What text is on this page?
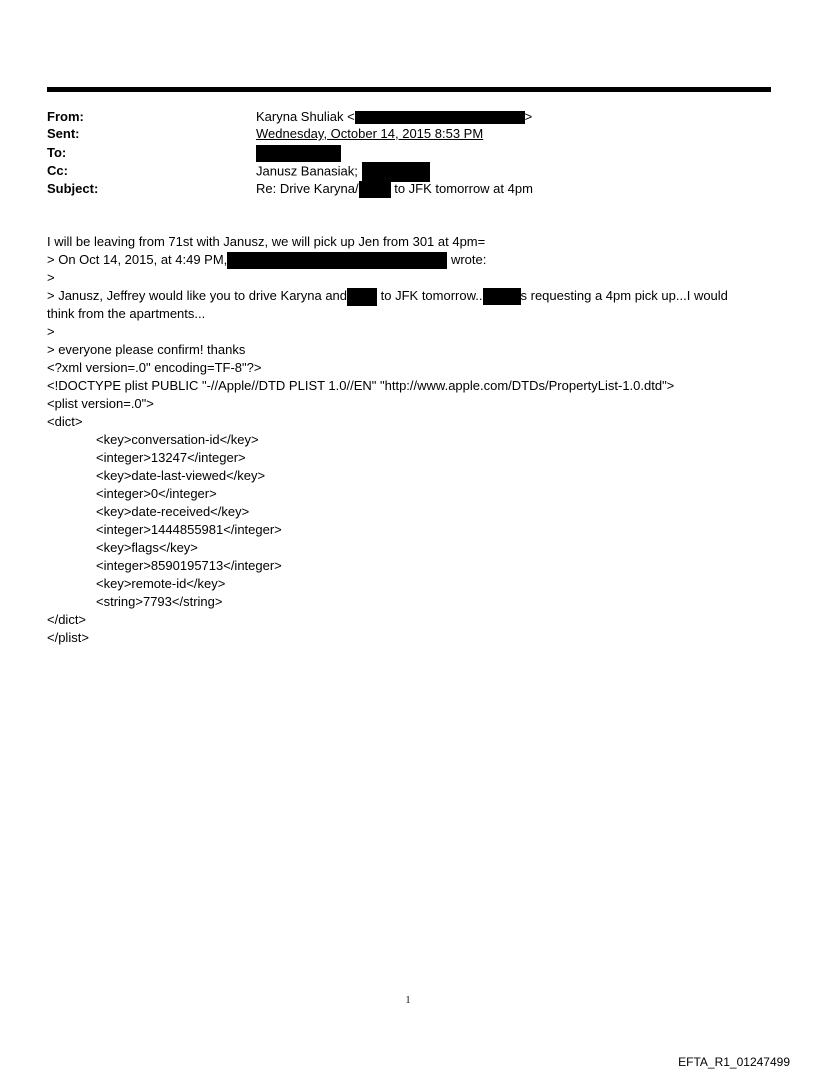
From:	Karyna Shuliak <	>
Sent:	Wednesday, October 14, 2015 8:53 PM
To:
Cc:	Janusz Banasiak;
Subject:	Re: Drive Karyna/	to JFK tomorrow at 4pm
I will be leaving from 71st with Janusz, we will pick up Jen from 301 at 4pm=
> On Oct 14, 2015, at 4:49 PM,	wrote:
>
> Janusz, Jeffrey would like you to drive Karyna and	to JFK tomorrow..	s requesting a 4pm pick up...I would
think from the apartments...
>
> everyone please confirm! thanks
<?xml version=.0" encoding=TF-8"?>
<!DOCTYPE plist PUBLIC "-//Apple//DTD PLIST 1.0//EN" "http://www.apple.com/DTDs/PropertyList-1.0.dtd">
<plist version=.0">
<dict>
<key>conversation-id</key>
<integer>13247</integer>
<key>date-last-viewed</key>
<integer>0</integer>
<key>date-received</key>
<integer>1444855981</integer>
<key>flags</key>
<integer>8590195713</integer>
<key>remote-id</key>
<string>7793</string>
</dict>
</plist>
1
EFTA_R1_01247499
